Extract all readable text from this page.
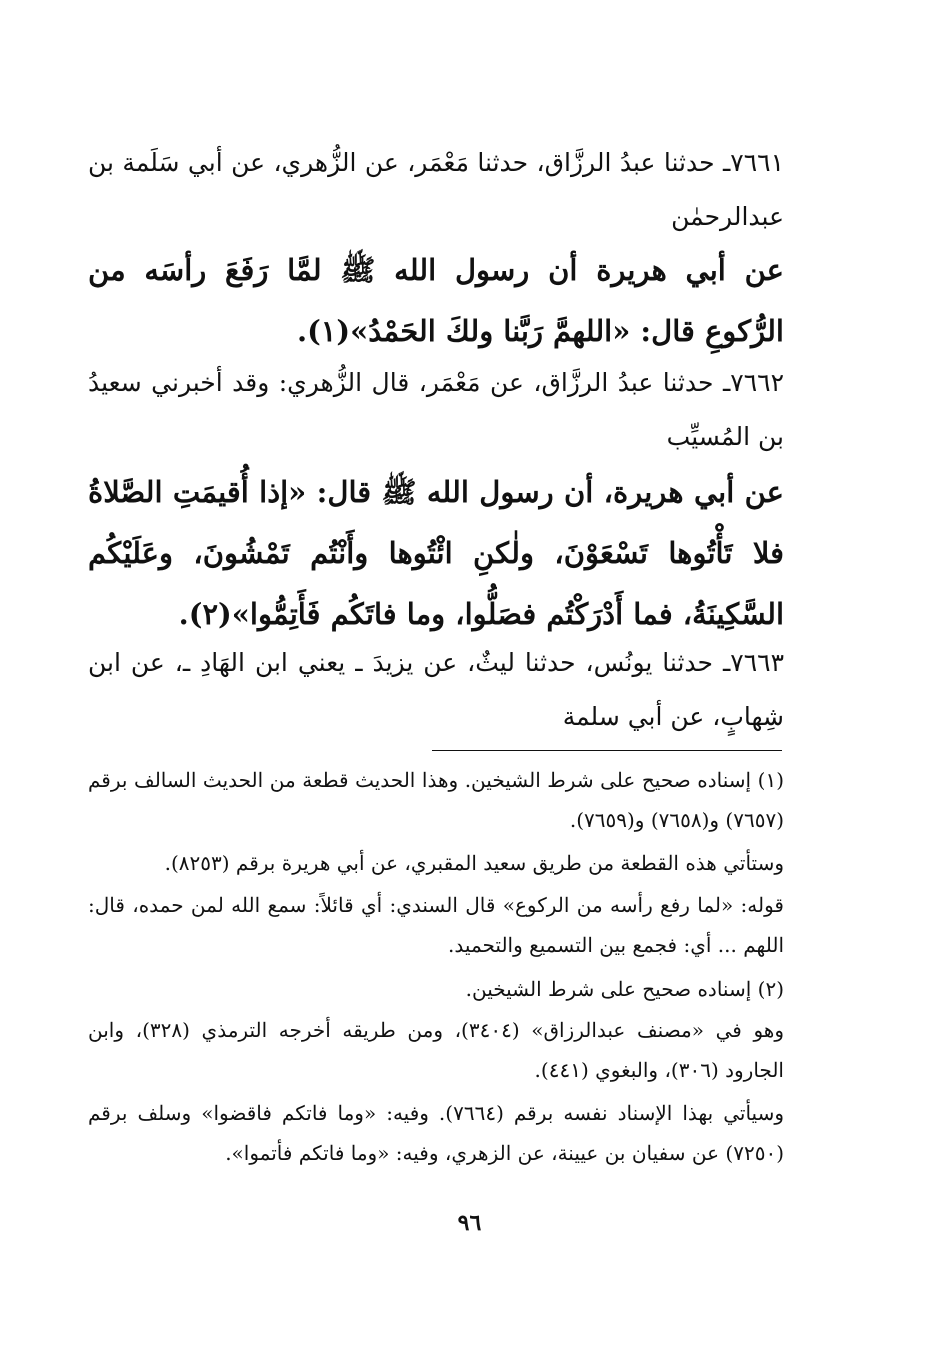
٧٦٦١ـ حدثنا عبدُ الرزَّاق، حدثنا مَعْمَر، عن الزُّهري، عن أبي سَلَمة بن عبدالرحمٰن

عن أبي هريرة أن رسول الله ﷺ لمَّا رَفَعَ رأسَه من الرُّكوعِ قال: «اللهمَّ رَبَّنا ولكَ الحَمْدُ»(١).

٧٦٦٢ـ حدثنا عبدُ الرزَّاق، عن مَعْمَر، قال الزُّهري: وقد أخبرني سعيدُ بن المُسيِّب

عن أبي هريرة، أن رسول الله ﷺ قال: «إذا أُقيمَتِ الصَّلاةُ فلا تَأْتُوها تَسْعَوْنَ، ولٰكنِ ائْتُوها وأَنْتُم تَمْشُونَ، وعَلَيْكُم السَّكِينَةُ، فما أَدْرَكْتُم فصَلُّوا، وما فاتَكُم فَأَتِمُّوا»(٢).

٧٦٦٣ـ حدثنا يونُس، حدثنا ليثٌ، عن يزيدَ ـ يعني ابن الهَادِ ـ، عن ابن شِهابٍ، عن أبي سلمة

(١) إسناده صحيح على شرط الشيخين. وهذا الحديث قطعة من الحديث السالف برقم (٧٦٥٧) و(٧٦٥٨) و(٧٦٥٩).

وستأتي هذه القطعة من طريق سعيد المقبري، عن أبي هريرة برقم (٨٢٥٣).

قوله: «لما رفع رأسه من الركوع» قال السندي: أي قائلاً: سمع الله لمن حمده، قال: اللهم ... أي: فجمع بين التسميع والتحميد.

(٢) إسناده صحيح على شرط الشيخين.

وهو في «مصنف عبدالرزاق» (٣٤٠٤)، ومن طريقه أخرجه الترمذي (٣٢٨)، وابن الجارود (٣٠٦)، والبغوي (٤٤١).

وسيأتي بهذا الإسناد نفسه برقم (٧٦٦٤). وفيه: «وما فاتكم فاقضوا» وسلف برقم (٧٢٥٠) عن سفيان بن عيينة، عن الزهري، وفيه: «وما فاتكم فأتموا».

٩٦
